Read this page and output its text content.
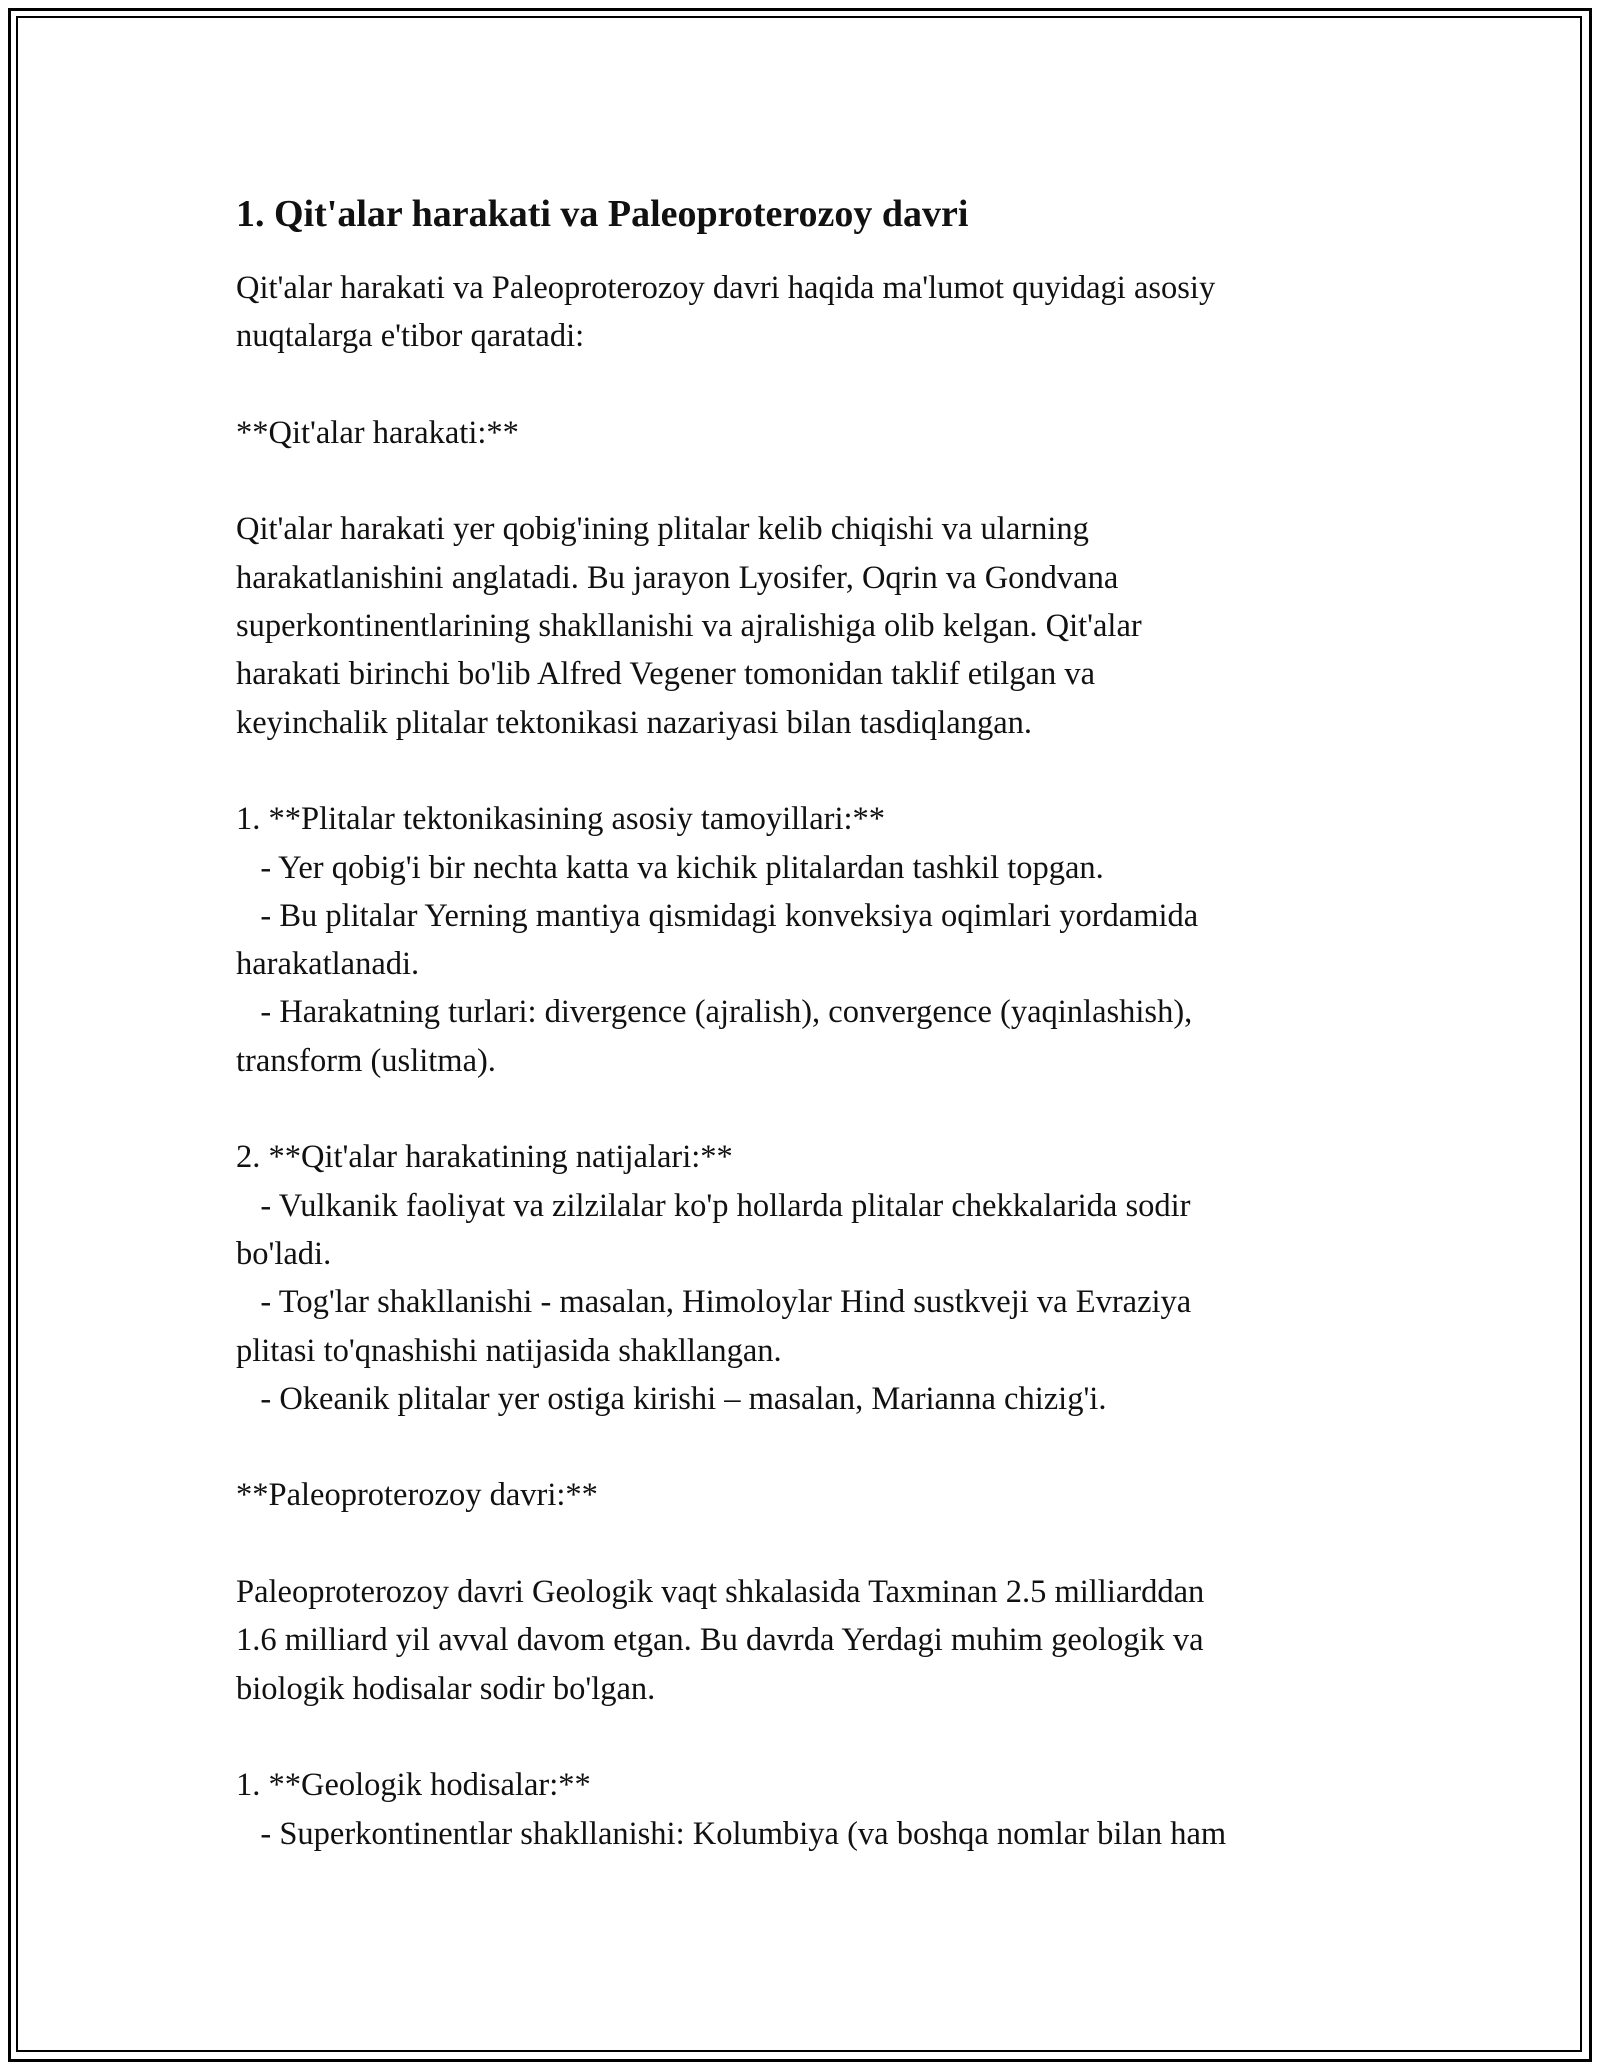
1. Qit'alar harakati va Paleoproterozoy davri
Qit'alar harakati va Paleoproterozoy davri haqida ma'lumot quyidagi asosiy
nuqtalarga e'tibor qaratadi:

**Qit'alar harakati:**

Qit'alar harakati yer qobig'ining plitalar kelib chiqishi va ularning
harakatlanishini anglatadi. Bu jarayon Lyosifer, Oqrin va Gondvana
superkontinentlarining shakllanishi va ajralishiga olib kelgan. Qit'alar
harakati birinchi bo'lib Alfred Vegener tomonidan taklif etilgan va
keyinchalik plitalar tektonikasi nazariyasi bilan tasdiqlangan.

1. **Plitalar tektonikasining asosiy tamoyillari:**
- Yer qobig'i bir nechta katta va kichik plitalardan tashkil topgan.
- Bu plitalar Yerning mantiya qismidagi konveksiya oqimlari yordamida
harakatlanadi.
- Harakatning turlari: divergence (ajralish), convergence (yaqinlashish),
transform (uslitma).

2. **Qit'alar harakatining natijalari:**
- Vulkanik faoliyat va zilzilalar ko'p hollarda plitalar chekkalarida sodir
bo'ladi.
- Tog'lar shakllanishi - masalan, Himoloylar Hind sustkveji va Evraziya
plitasi to'qnashishi natijasida shakllangan.
- Okeanik plitalar yer ostiga kirishi – masalan, Marianna chizig'i.

**Paleoproterozoy davri:**

Paleoproterozoy davri Geologik vaqt shkalasida Taxminan 2.5 milliarddan
1.6 milliard yil avval davom etgan. Bu davrda Yerdagi muhim geologik va
biologik hodisalar sodir bo'lgan.

1. **Geologik hodisalar:**
- Superkontinentlar shakllanishi: Kolumbiya (va boshqa nomlar bilan ham
